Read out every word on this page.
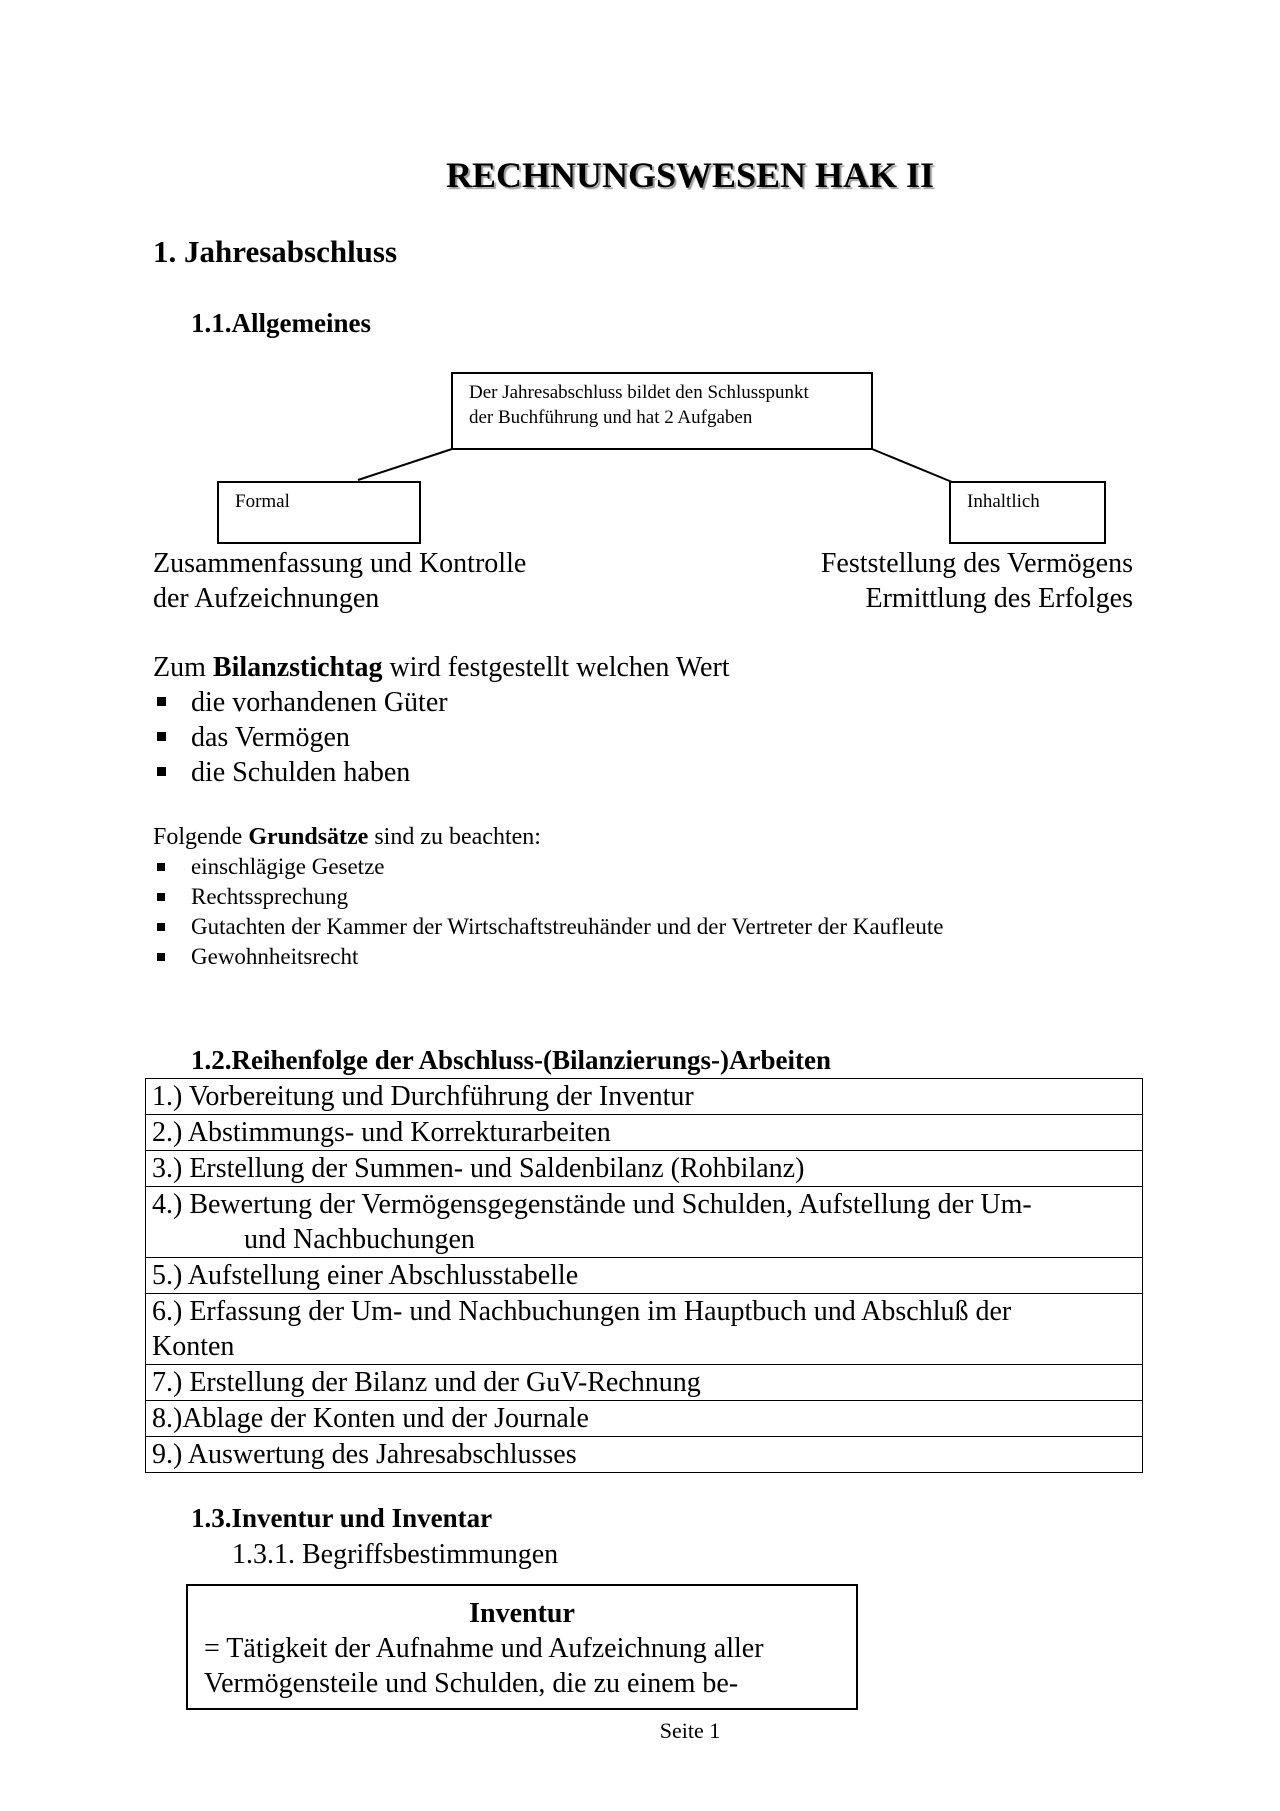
RECHNUNGSWESEN HAK II
1. Jahresabschluss
1.1.Allgemeines
Der Jahresabschluss bildet den Schlusspunkt
der Buchführung und hat 2 Aufgaben
Formal	Inhaltlich
Zusammenfassung und Kontrolle
der Aufzeichnungen
Feststellung des Vermögens
Ermittlung des Erfolges
Zum Bilanzstichtag wird festgestellt welchen Wert
die vorhandenen Güter
das Vermögen
die Schulden haben
Folgende Grundsätze sind zu beachten:
einschlägige Gesetze
Rechtssprechung
Gutachten der Kammer der Wirtschaftstreuhänder und der Vertreter der Kaufleute
Gewohnheitsrecht
1.2.Reihenfolge der Abschluss-(Bilanzierungs-)Arbeiten
1.) Vorbereitung und Durchführung der Inventur
2.) Abstimmungs- und Korrekturarbeiten
3.) Erstellung der Summen- und Saldenbilanz (Rohbilanz)
4.) Bewertung der Vermögensgegenstände und Schulden, Aufstellung der Um-
und Nachbuchungen

5.) Aufstellung einer Abschlusstabelle
6.) Erfassung der Um- und Nachbuchungen im Hauptbuch und Abschluß der
Konten
7.) Erstellung der Bilanz und der GuV-Rechnung
8.)Ablage der Konten und der Journale
9.) Auswertung des Jahresabschlusses
1.3.Inventur und Inventar
1.3.1. Begriffsbestimmungen
Inventur
= Tätigkeit der Aufnahme und Aufzeichnung aller
Vermögensteile und Schulden, die zu einem be-
Seite 1
